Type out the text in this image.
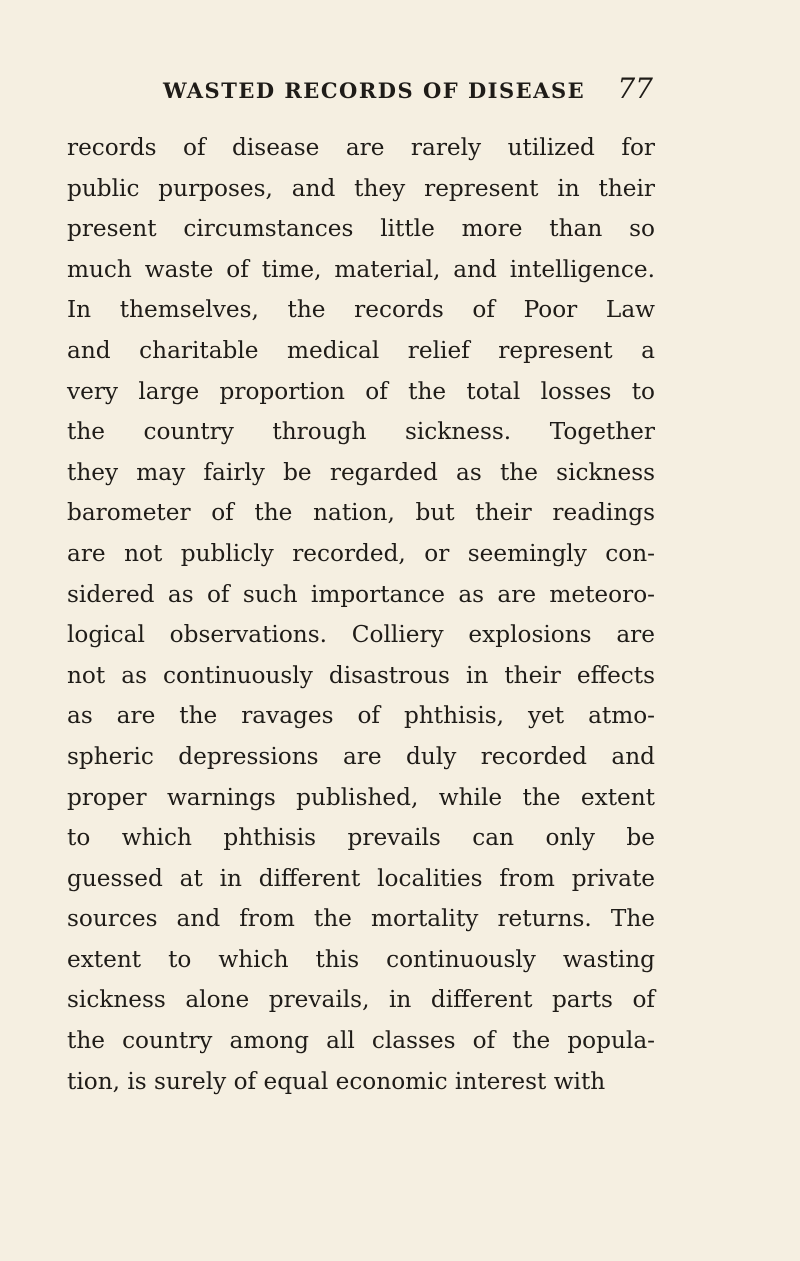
WASTED RECORDS OF DISEASE 77
records of disease are rarely utilized for
public purposes, and they represent in their
present circumstances little more than so
much waste of time, material, and intelligence.
In themselves, the records of Poor Law
and charitable medical relief represent a
very large proportion of the total losses to
the country through sickness. Together
they may fairly be regarded as the sickness
barometer of the nation, but their readings
are not publicly recorded, or seemingly con-
sidered as of such importance as are meteoro-
logical observations. Colliery explosions are
not as continuously disastrous in their effects
as are the ravages of phthisis, yet atmo-
spheric depressions are duly recorded and
proper warnings published, while the extent
to which phthisis prevails can only be
guessed at in different localities from private
sources and from the mortality returns. The
extent to which this continuously wasting
sickness alone prevails, in different parts of
the country among all classes of the popula-
tion, is surely of equal economic interest with
